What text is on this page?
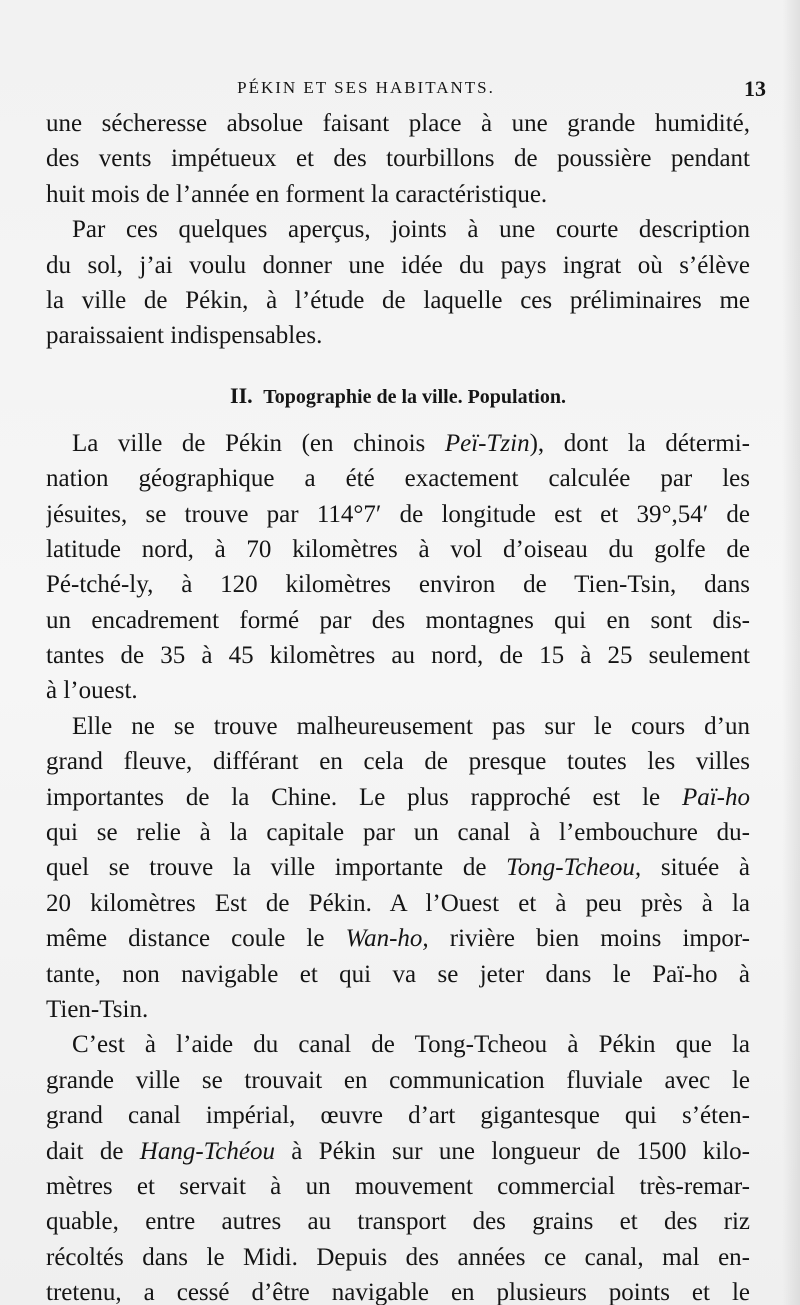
PÉKIN ET SES HABITANTS.	13
une sécheresse absolue faisant place à une grande humidité,
des vents impétueux et des tourbillons de poussière pendant
huit mois de l’année en forment la caractéristique.
Par ces quelques aperçus, joints à une courte description
du sol, j’ai voulu donner une idée du pays ingrat où s’élève
la ville de Pékin, à l’étude de laquelle ces préliminaires me
paraissaient indispensables.
II. Topographie de la ville. Population.
La ville de Pékin (en chinois Peï-Tzin), dont la détermi-
nation géographique a été exactement calculée par les
jésuites, se trouve par 114°7′ de longitude est et 39°,54′ de
latitude nord, à 70 kilomètres à vol d’oiseau du golfe de
Pé-tché-ly, à 120 kilomètres environ de Tien-Tsin, dans
un encadrement formé par des montagnes qui en sont dis-
tantes de 35 à 45 kilomètres au nord, de 15 à 25 seulement
à l’ouest.
Elle ne se trouve malheureusement pas sur le cours d’un
grand fleuve, différant en cela de presque toutes les villes
importantes de la Chine. Le plus rapproché est le Paï-ho
qui se relie à la capitale par un canal à l’embouchure du-
quel se trouve la ville importante de Tong-Tcheou, située à
20 kilomètres Est de Pékin. A l’Ouest et à peu près à la
même distance coule le Wan-ho, rivière bien moins impor-
tante, non navigable et qui va se jeter dans le Paï-ho à
Tien-Tsin.
C’est à l’aide du canal de Tong-Tcheou à Pékin que la
grande ville se trouvait en communication fluviale avec le
grand canal impérial, œuvre d’art gigantesque qui s’éten-
dait de Hang-Tchéou à Pékin sur une longueur de 1500 kilo-
mètres et servait à un mouvement commercial très-remar-
quable, entre autres au transport des grains et des riz
récoltés dans le Midi. Depuis des années ce canal, mal en-
tretenu, a cessé d’être navigable en plusieurs points et le
